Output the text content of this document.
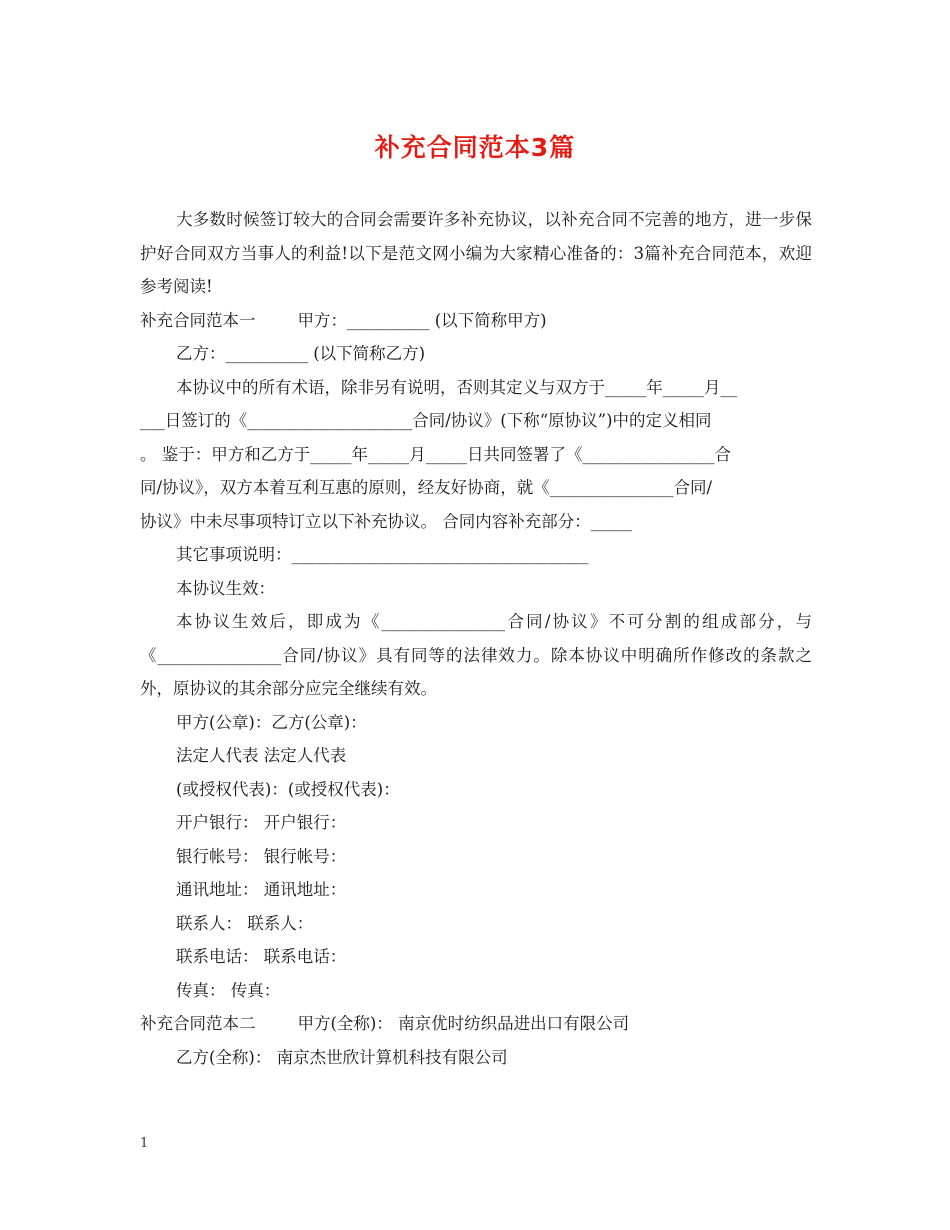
补充合同范本3篇

大多数时候签订较大的合同会需要许多补充协议，以补充合同不完善的地方，进一步保护好合同双方当事人的利益!以下是范文网小编为大家精心准备的：3篇补充合同范本，欢迎参考阅读!

补充合同范本一	甲方：__________ (以下简称甲方)

乙方：__________ (以下简称乙方)

本协议中的所有术语，除非另有说明，否则其定义与双方于_____年_____月__

___日签订的《____________________合同/协议》(下称“原协议”)中的定义相同

。 鉴于：甲方和乙方于_____年_____月_____日共同签署了《________________合

同/协议》，双方本着互利互惠的原则，经友好协商，就《_______________合同/

协议》中未尽事项特订立以下补充协议。 合同内容补充部分：_____

其它事项说明：____________________________________

本协议生效：

本协议生效后，即成为《_______________合同/协议》不可分割的组成部分，与《_______________合同/协议》具有同等的法律效力。除本协议中明确所作修改的条款之外，原协议的其余部分应完全继续有效。

甲方(公章)：乙方(公章)：

法定人代表 法定人代表

(或授权代表)：(或授权代表)：

开户银行： 开户银行：

银行帐号： 银行帐号：

通讯地址： 通讯地址：

联系人： 联系人：

联系电话： 联系电话：

传真： 传真：

补充合同范本二	甲方(全称)： 南京优时纺织品进出口有限公司

乙方(全称)： 南京杰世欣计算机科技有限公司

1
